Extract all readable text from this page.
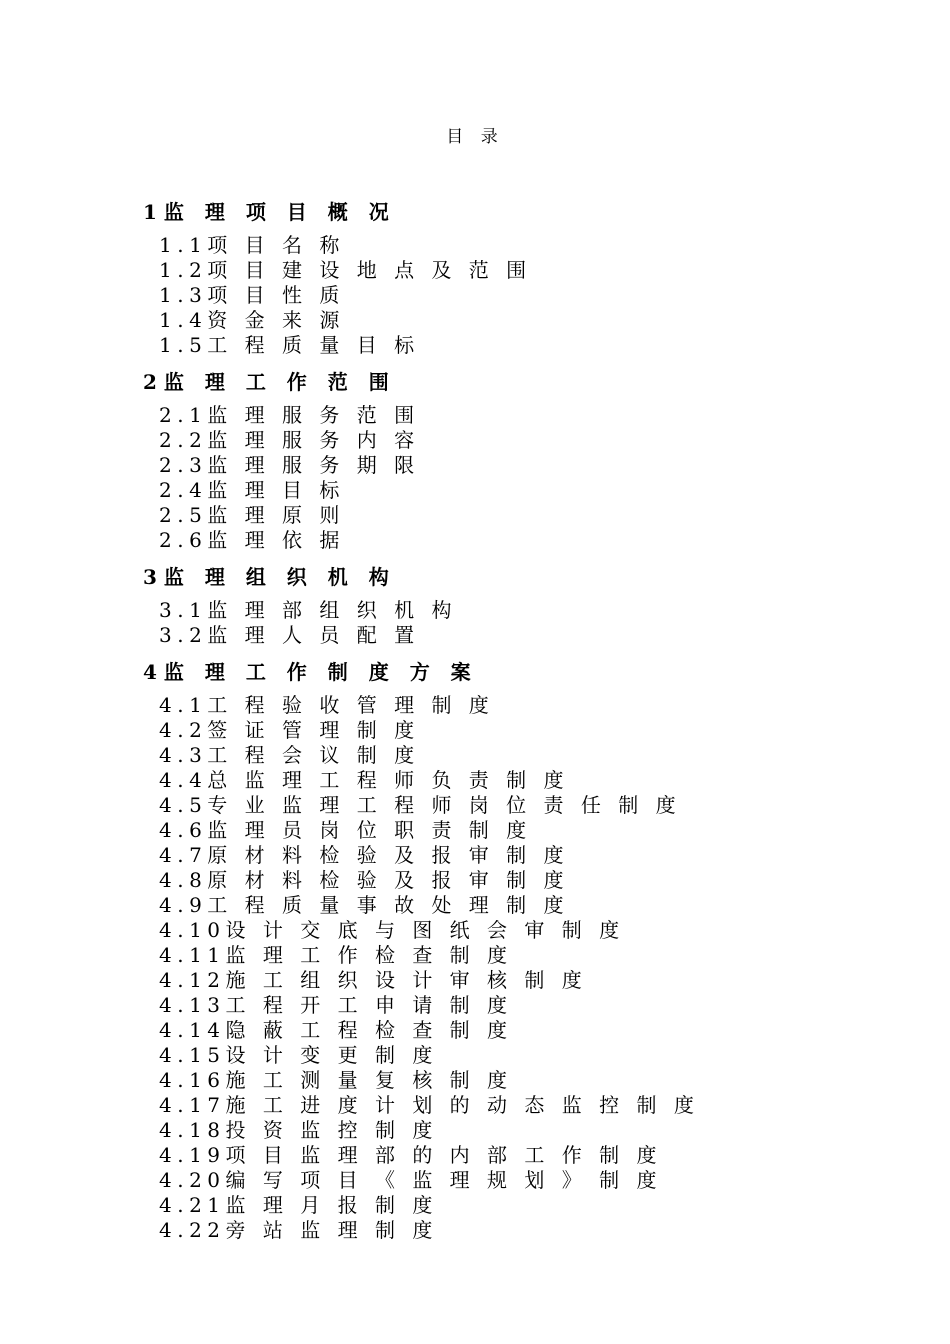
目 录
1监 理 项 目 概 况
1.1项 目 名 称
1.2项 目 建 设 地 点 及 范 围
1.3项 目 性 质
1.4资 金 来 源
1.5工 程 质 量 目 标
2监 理 工 作 范 围
2.1监 理 服 务 范 围
2.2监 理 服 务 内 容
2.3监 理 服 务 期 限
2.4监 理 目 标
2.5监 理 原 则
2.6监 理 依 据
3监 理 组 织 机 构
3.1监 理 部 组 织 机 构
3.2监 理 人 员 配 置
4监 理 工 作 制 度 方 案
4.1工 程 验 收 管 理 制 度
4.2签 证 管 理 制 度
4.3工 程 会 议 制 度
4.4总 监 理 工 程 师 负 责 制 度
4.5专 业 监 理 工 程 师 岗 位 责 任 制 度
4.6监 理 员 岗 位 职 责 制 度
4.7原 材 料 检 验 及 报 审 制 度
4.8原 材 料 检 验 及 报 审 制 度
4.9工 程 质 量 事 故 处 理 制 度
4.10设 计 交 底 与 图 纸 会 审 制 度
4.11监 理 工 作 检 查 制 度
4.12施 工 组 织 设 计 审 核 制 度
4.13工 程 开 工 申 请 制 度
4.14隐 蔽 工 程 检 查 制 度
4.15设 计 变 更 制 度
4.16施 工 测 量 复 核 制 度
4.17施 工 进 度 计 划 的 动 态 监 控 制 度
4.18投 资 监 控 制 度
4.19项 目 监 理 部 的 内 部 工 作 制 度
4.20编 写 项 目 《 监 理 规 划 》 制 度
4.21监 理 月 报 制 度
4.22旁 站 监 理 制 度
